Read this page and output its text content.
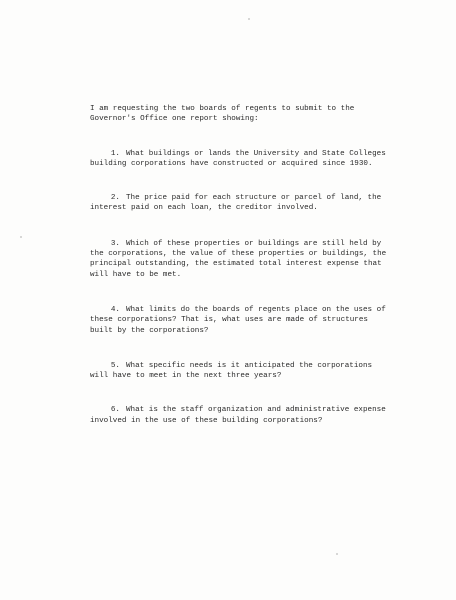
I am requesting the two boards of regents to submit to the Governor's Office one report showing:

1. What buildings or lands the University and State Colleges building corporations have constructed or acquired since 1930.

2. The price paid for each structure or parcel of land, the interest paid on each loan, the creditor involved.

3. Which of these properties or buildings are still held by the corporations, the value of these properties or buildings, the principal outstanding, the estimated total interest expense that will have to be met.

4. What limits do the boards of regents place on the uses of these corporations? That is, what uses are made of structures built by the corporations?

5. What specific needs is it anticipated the corporations will have to meet in the next three years?

6. What is the staff organization and administrative expense involved in the use of these building corporations?
